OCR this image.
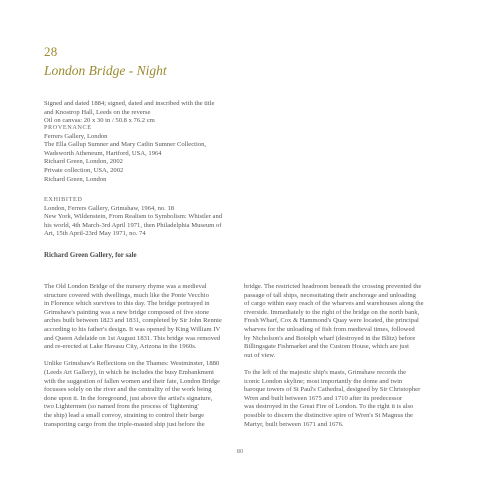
28
London Bridge - Night
Signed and dated 1884; signed, dated and inscribed with the title
and Knostrop Hall, Leeds on the reverse
Oil on canvas: 20 x 30 in / 50.8 x 76.2 cm
PROVENANCE
Ferrers Gallery, London
The Ella Gallup Sumner and Mary Catlin Sumner Collection,
Wadsworth Atheneum, Hartford, USA, 1964
Richard Green, London, 2002
Private collection, USA, 2002
Richard Green, London
EXHIBITED
London, Ferrers Gallery, Grimshaw, 1964, no. 18
New York, Wildenstein, From Realism to Symbolism: Whistler and
his world, 4th March-3rd April 1971, then Philadelphia Museum of
Art, 15th April-23rd May 1971, no. 74
Richard Green Gallery, for sale
The Old London Bridge of the nursery rhyme was a medieval
structure covered with dwellings, much like the Ponte Vecchio
in Florence which survives to this day. The bridge portrayed in
Grimshaw's painting was a new bridge composed of five stone
arches built between 1823 and 1831, completed by Sir John Rennie
according to his father's design. It was opened by King William IV
and Queen Adelaide on 1st August 1831. This bridge was removed
and re-erected at Lake Havasu City, Arizona in the 1960s.
Unlike Grimshaw's Reflections on the Thames: Westminster, 1880
(Leeds Art Gallery), in which he includes the busy Embankment
with the suggestion of fallen women and their fate, London Bridge
focusses solely on the river and the centrality of the work being
done upon it. In the foreground, just above the artist's signature,
two Lightermen (so named from the process of 'lightening'
the ship) lead a small convoy, straining to control their barge
transporting cargo from the triple-masted ship just before the
bridge. The restricted headroom beneath the crossing prevented the
passage of tall ships, necessitating their anchorage and unloading
of cargo within easy reach of the wharves and warehouses along the
riverside. Immediately to the right of the bridge on the north bank,
Fresh Wharf, Cox & Hammond's Quay were located, the principal
wharves for the unloading of fish from medieval times, followed
by Nicholson's and Botolph wharf (destroyed in the Blitz) before
Billingsgate Fishmarket and the Custom House, which are just
out of view.
To the left of the majestic ship's masts, Grimshaw records the
iconic London skyline; most importantly the dome and twin
baroque towers of St Paul's Cathedral, designed by Sir Christopher
Wren and built between 1675 and 1710 after its predecessor
was destroyed in the Great Fire of London. To the right it is also
possible to discern the distinctive spire of Wren's St Magnus the
Martyr, built between 1671 and 1676.
80
